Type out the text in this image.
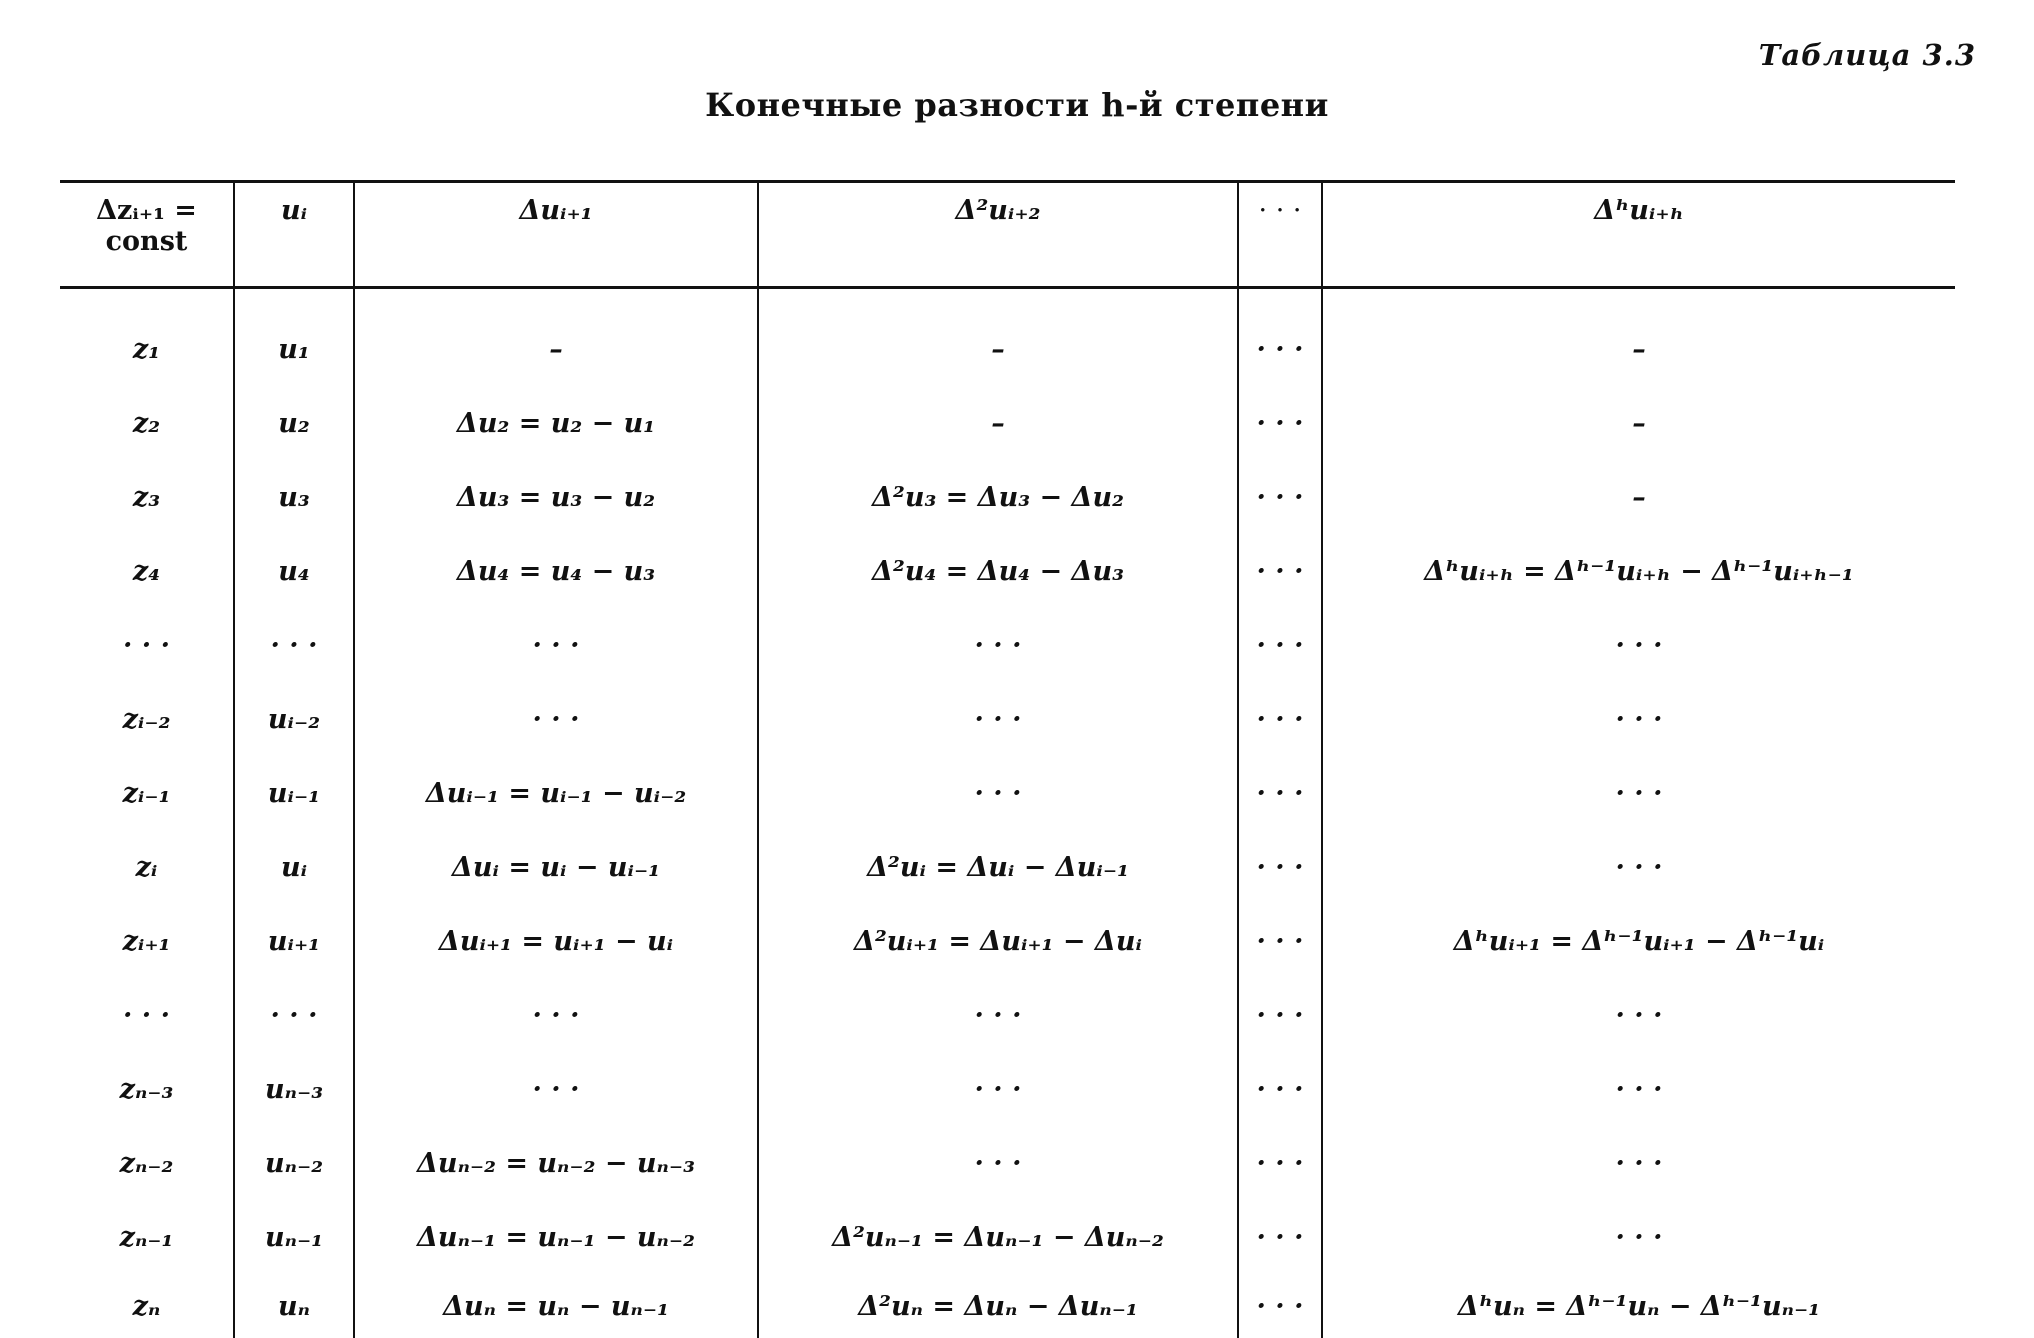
Таблица 3.3
Конечные разности h-й степени
Δzᵢ₊₁ =
const	uᵢ	Δuᵢ₊₁	Δ²uᵢ₊₂	· · ·	Δʰuᵢ₊ₕ
z₁	u₁	–	–	· · ·	–
z₂	u₂	Δu₂ = u₂ − u₁	–	· · ·	–
z₃	u₃	Δu₃ = u₃ − u₂	Δ²u₃ = Δu₃ − Δu₂	· · ·	–
z₄	u₄	Δu₄ = u₄ − u₃	Δ²u₄ = Δu₄ − Δu₃	· · ·	Δʰuᵢ₊ₕ = Δʰ⁻¹uᵢ₊ₕ − Δʰ⁻¹uᵢ₊ₕ₋₁
· · ·	· · ·	· · ·	· · ·	· · ·	· · ·
zᵢ₋₂	uᵢ₋₂	· · ·	· · ·	· · ·	· · ·
zᵢ₋₁	uᵢ₋₁	Δuᵢ₋₁ = uᵢ₋₁ − uᵢ₋₂	· · ·	· · ·	· · ·
zᵢ	uᵢ	Δuᵢ = uᵢ − uᵢ₋₁	Δ²uᵢ = Δuᵢ − Δuᵢ₋₁	· · ·	· · ·
zᵢ₊₁	uᵢ₊₁	Δuᵢ₊₁ = uᵢ₊₁ − uᵢ	Δ²uᵢ₊₁ = Δuᵢ₊₁ − Δuᵢ	· · ·	Δʰuᵢ₊₁ = Δʰ⁻¹uᵢ₊₁ − Δʰ⁻¹uᵢ
· · ·	· · ·	· · ·	· · ·	· · ·	· · ·
zₙ₋₃	uₙ₋₃	· · ·	· · ·	· · ·	· · ·
zₙ₋₂	uₙ₋₂	Δuₙ₋₂ = uₙ₋₂ − uₙ₋₃	· · ·	· · ·	· · ·
zₙ₋₁	uₙ₋₁	Δuₙ₋₁ = uₙ₋₁ − uₙ₋₂	Δ²uₙ₋₁ = Δuₙ₋₁ − Δuₙ₋₂	· · ·	· · ·
zₙ	uₙ	Δuₙ = uₙ − uₙ₋₁	Δ²uₙ = Δuₙ − Δuₙ₋₁	· · ·	Δʰuₙ = Δʰ⁻¹uₙ − Δʰ⁻¹uₙ₋₁
